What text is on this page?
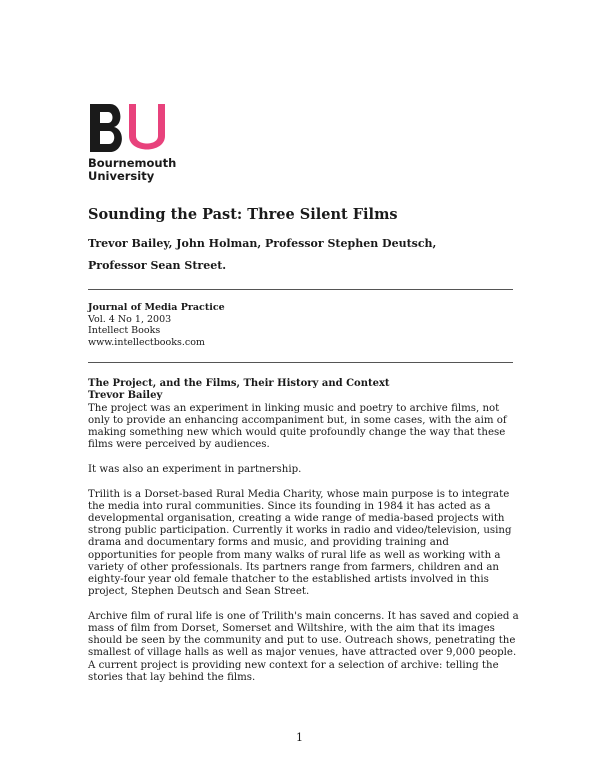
Bournemouth
University
Sounding the Past: Three Silent Films
Trevor Bailey, John Holman, Professor Stephen Deutsch,
Professor Sean Street.
Journal of Media Practice
Vol. 4 No 1, 2003
Intellect Books
www.intellectbooks.com

The Project, and the Films, Their History and Context

Trevor Bailey

The project was an experiment in linking music and poetry to archive films, not only to provide an enhancing accompaniment but, in some cases, with the aim of making something new which would quite profoundly change the way that these films were perceived by audiences.

It was also an experiment in partnership.

Trilith is a Dorset-based Rural Media Charity, whose main purpose is to integrate the media into rural communities. Since its founding in 1984 it has acted as a developmental organisation, creating a wide range of media-based projects with strong public participation. Currently it works in radio and video/television, using drama and documentary forms and music, and providing training and opportunities for people from many walks of rural life as well as working with a variety of other professionals. Its partners range from farmers, children and an eighty-four year old female thatcher to the established artists involved in this project, Stephen Deutsch and Sean Street.

Archive film of rural life is one of Trilith's main concerns. It has saved and copied a mass of film from Dorset, Somerset and Wiltshire, with the aim that its images should be seen by the community and put to use. Outreach shows, penetrating the smallest of village halls as well as major venues, have attracted over 9,000 people. A current project is providing new context for a selection of archive: telling the stories that lay behind the films.

1
